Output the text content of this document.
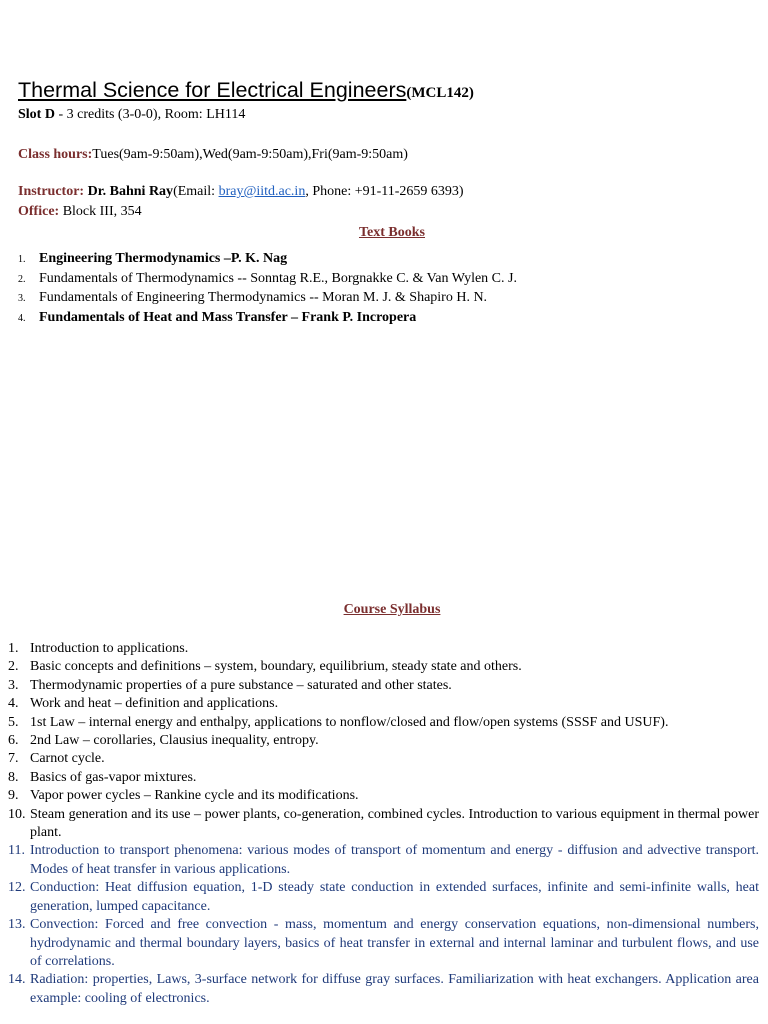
Thermal Science for Electrical Engineers(MCL142)
Slot D - 3 credits (3-0-0), Room: LH114
Class hours:Tues(9am-9:50am),Wed(9am-9:50am),Fri(9am-9:50am)
Instructor: Dr. Bahni Ray(Email: bray@iitd.ac.in, Phone: +91-11-2659 6393)
Office: Block III, 354
Text Books
1. Engineering Thermodynamics –P. K. Nag
2. Fundamentals of Thermodynamics -- Sonntag R.E., Borgnakke C. & Van Wylen C. J.
3. Fundamentals of Engineering Thermodynamics -- Moran M. J. & Shapiro H. N.
4. Fundamentals of Heat and Mass Transfer – Frank P. Incropera
Course Syllabus
1. Introduction to applications.
2. Basic concepts and definitions – system, boundary, equilibrium, steady state and others.
3. Thermodynamic properties of a pure substance – saturated and other states.
4. Work and heat – definition and applications.
5. 1st Law – internal energy and enthalpy, applications to nonflow/closed and flow/open systems (SSSF and USUF).
6. 2nd Law – corollaries, Clausius inequality, entropy.
7. Carnot cycle.
8. Basics of gas-vapor mixtures.
9. Vapor power cycles – Rankine cycle and its modifications.
10. Steam generation and its use – power plants, co-generation, combined cycles. Introduction to various equipment in thermal power plant.
11. Introduction to transport phenomena: various modes of transport of momentum and energy - diffusion and advective transport. Modes of heat transfer in various applications.
12. Conduction: Heat diffusion equation, 1-D steady state conduction in extended surfaces, infinite and semi-infinite walls, heat generation, lumped capacitance.
13. Convection: Forced and free convection - mass, momentum and energy conservation equations, non-dimensional numbers, hydrodynamic and thermal boundary layers, basics of heat transfer in external and internal laminar and turbulent flows, and use of correlations.
14. Radiation: properties, Laws, 3-surface network for diffuse gray surfaces. Familiarization with heat exchangers. Application area example: cooling of electronics.
